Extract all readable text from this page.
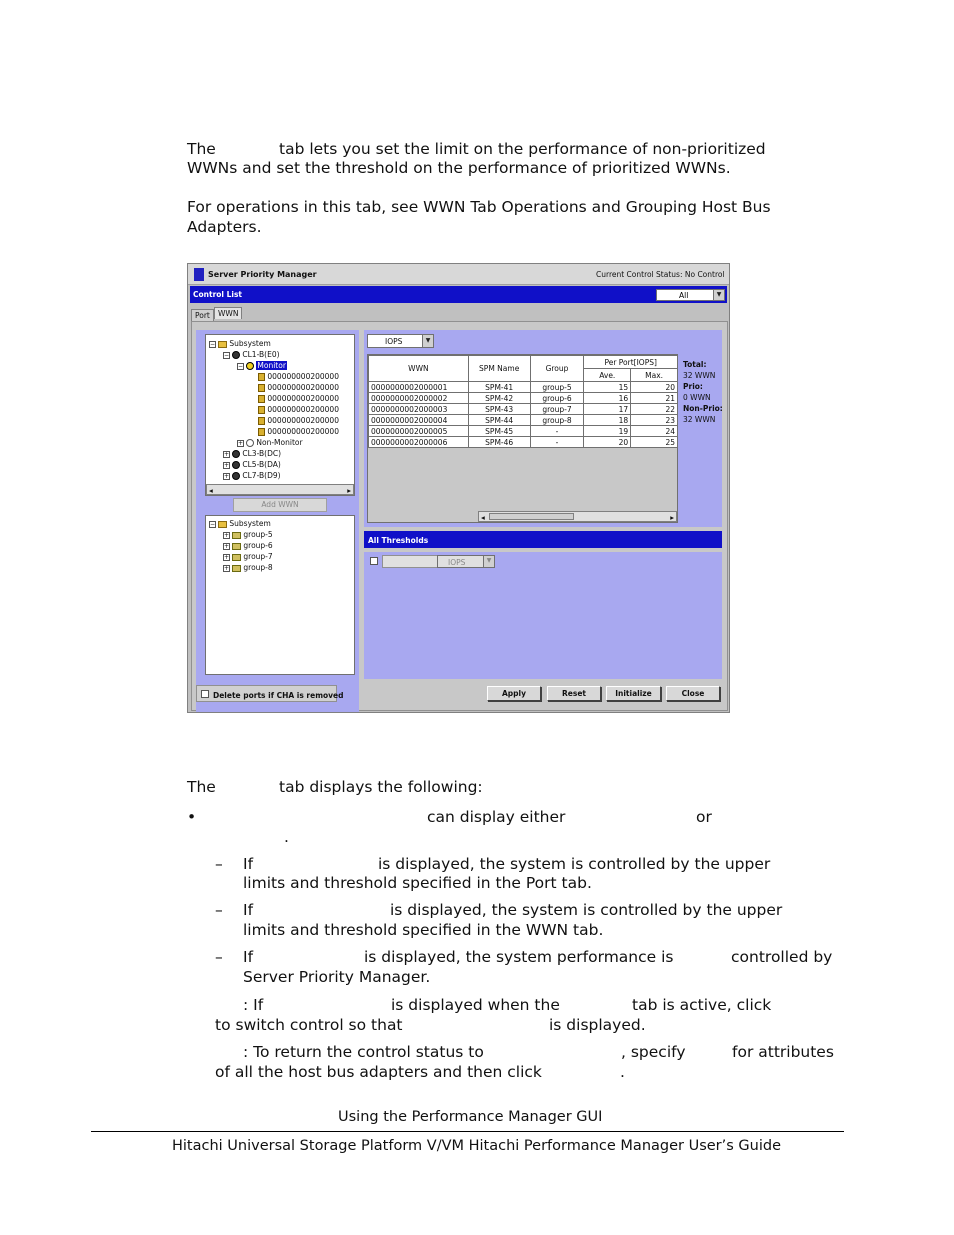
The	tab lets you set the limit on the performance of non-prioritized
WWNs and set the threshold on the performance of prioritized WWNs.
For operations in this tab, see WWN Tab Operations and Grouping Host Bus
Adapters.
Server Priority Manager	Current Control Status: No Control
Control List	All	▼
Port	WWN
− Subsystem
− CL1-B(E0)
− Monitor
000000000200000
000000000200000
000000000200000
000000000200000
000000000200000
000000000200000
+ Non-Monitor
+ CL3-B(DC)
+ CL5-B(DA)
+ CL7-B(D9)
◂	▸
Add WWN
− Subsystem
+ group-5
+ group-6
+ group-7
+ group-8
IOPS	▼
WWN	SPM Name	Group	Per Port[IOPS]	
			Ave.	Max.
0000000002000001	SPM-41	group-5	15	20
0000000002000002	SPM-42	group-6	16	21
0000000002000003	SPM-43	group-7	17	22
0000000002000004	SPM-44	group-8	18	23
0000000002000005	SPM-45	-	19	24
0000000002000006	SPM-46	-	20	25
◂	▸
Total:
32 WWN
Prio:
0 WWN
Non-Prio:
32 WWN
All Thresholds
IOPS	▼
Delete ports if CHA is removed	Apply	Reset	Initialize	Close
The	tab displays the following:
•	can display either	or
.
– If	is displayed, the system is controlled by the upper
limits and threshold specified in the Port tab.
– If	is displayed, the system is controlled by the upper
limits and threshold specified in the WWN tab.
– If	is displayed, the system performance is	controlled by
Server Priority Manager.
: If	is displayed when the	tab is active, click
to switch control so that	is displayed.
: To return the control status to	, specify	for attributes
of all the host bus adapters and then click	.
Using the Performance Manager GUI
Hitachi Universal Storage Platform V/VM Hitachi Performance Manager User’s Guide
